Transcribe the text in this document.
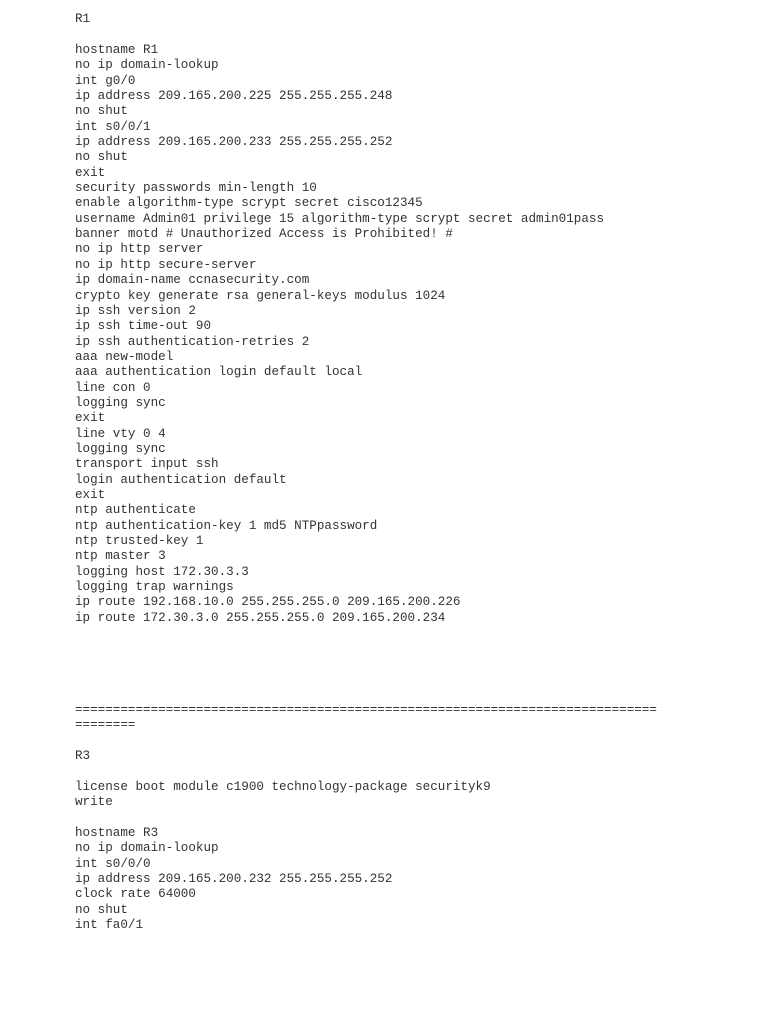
R1
hostname R1
no ip domain-lookup
int g0/0
ip address 209.165.200.225 255.255.255.248
no shut
int s0/0/1
ip address 209.165.200.233 255.255.255.252
no shut
exit
security passwords min-length 10
enable algorithm-type scrypt secret cisco12345
username Admin01 privilege 15 algorithm-type scrypt secret admin01pass
banner motd # Unauthorized Access is Prohibited! #
no ip http server
no ip http secure-server
ip domain-name ccnasecurity.com
crypto key generate rsa general-keys modulus 1024
ip ssh version 2
ip ssh time-out 90
ip ssh authentication-retries 2
aaa new-model
aaa authentication login default local
line con 0
logging sync
exit
line vty 0 4
logging sync
transport input ssh
login authentication default
exit
ntp authenticate
ntp authentication-key 1 md5 NTPpassword
ntp trusted-key 1
ntp master 3
logging host 172.30.3.3
logging trap warnings
ip route 192.168.10.0 255.255.255.0 209.165.200.226
ip route 172.30.3.0 255.255.255.0 209.165.200.234
=============================================================================
========
R3
license boot module c1900 technology-package securityk9
write
hostname R3
no ip domain-lookup
int s0/0/0
ip address 209.165.200.232 255.255.255.252
clock rate 64000
no shut
int fa0/1
